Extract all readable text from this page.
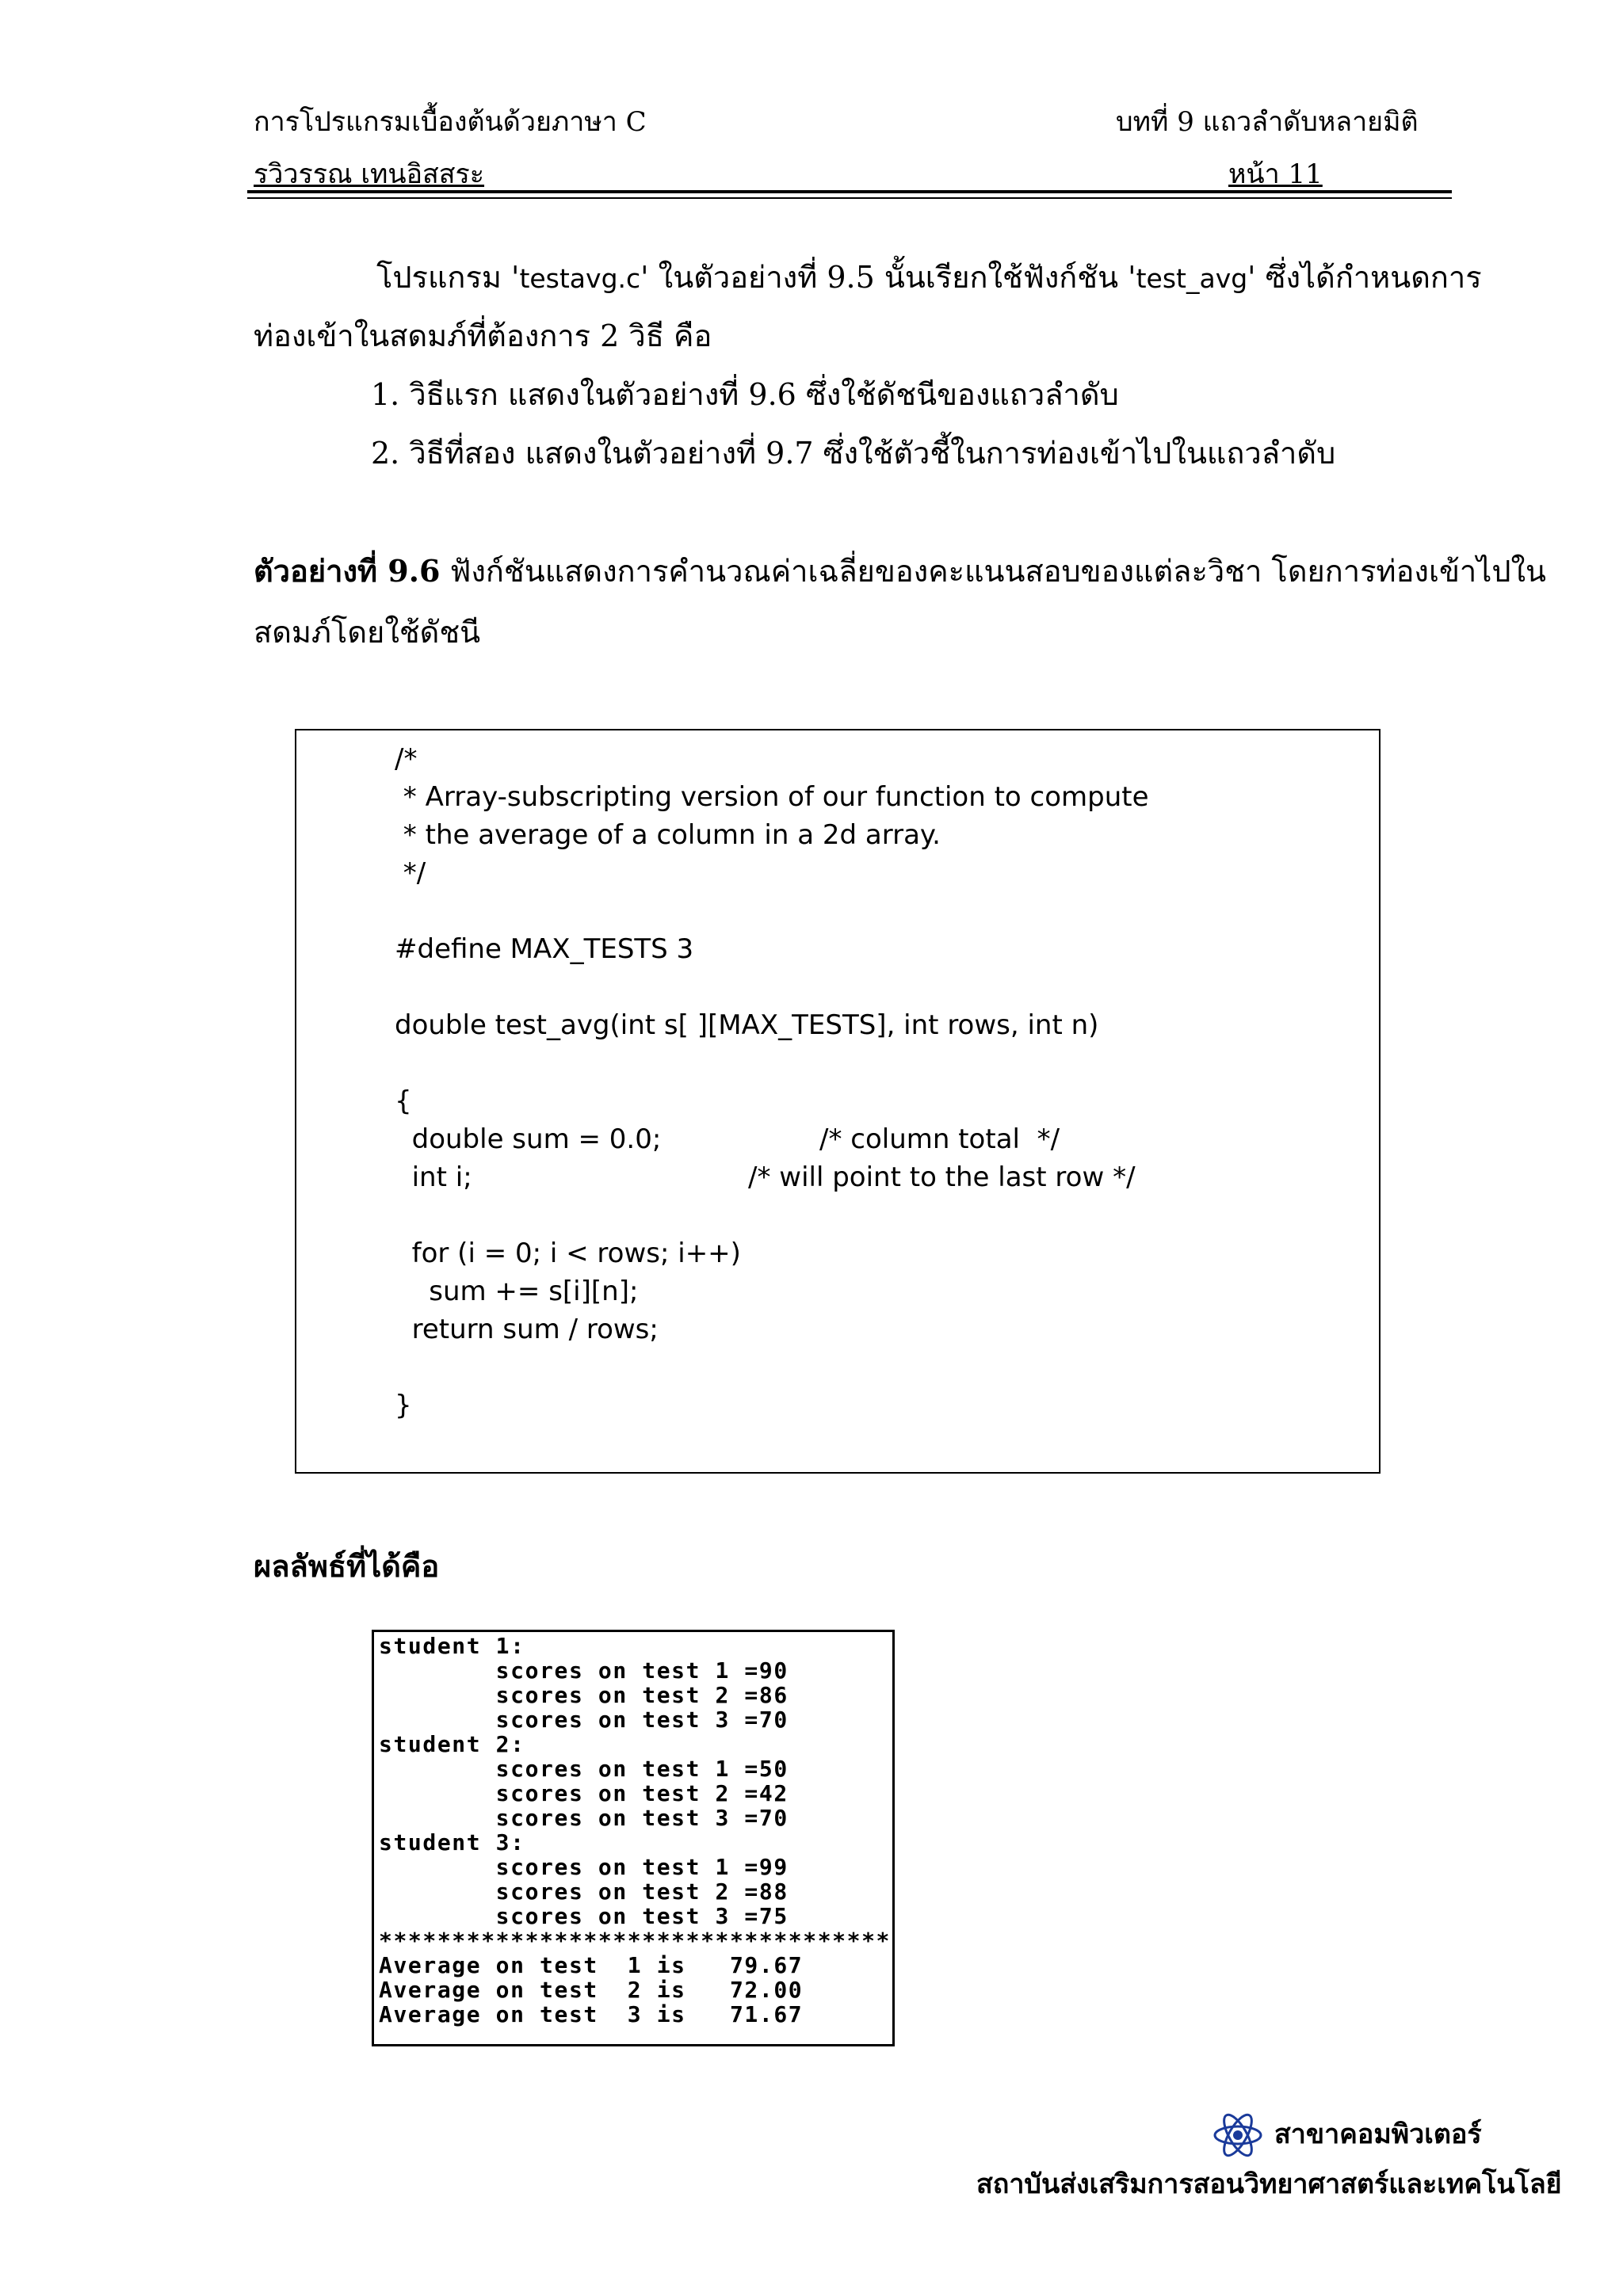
การโปรแกรมเบื้องต้นด้วยภาษา C	บทที่ 9 แถวลำดับหลายมิติ
รวิวรรณ เทนอิสสระ	หน้า 11
โปรแกรม 'testavg.c' ในตัวอย่างที่ 9.5 นั้นเรียกใช้ฟังก์ชัน 'test_avg' ซึ่งได้กำหนดการ
ท่องเข้าในสดมภ์ที่ต้องการ 2 วิธี คือ
1. วิธีแรก แสดงในตัวอย่างที่ 9.6 ซึ่งใช้ดัชนีของแถวลำดับ
2. วิธีที่สอง แสดงในตัวอย่างที่ 9.7 ซึ่งใช้ตัวชี้ในการท่องเข้าไปในแถวลำดับ
ตัวอย่างที่ 9.6 ฟังก์ชันแสดงการคำนวณค่าเฉลี่ยของคะแนนสอบของแต่ละวิชา โดยการท่องเข้าไปใน
สดมภ์โดยใช้ดัชนี
/*
* Array-subscripting version of our function to compute
* the average of a column in a 2d array.
*/
#define MAX_TESTS 3
double test_avg(int s[ ][MAX_TESTS], int rows, int n)
{
double sum = 0.0;	/* column total  */
int i;	/* will point to the last row */
for (i = 0; i < rows; i++)
sum += s[i][n];
return sum / rows;
}
ผลลัพธ์ที่ได้คือ
student 1:
scores on test 1 =90
scores on test 2 =86
scores on test 3 =70
student 2:
scores on test 1 =50
scores on test 2 =42
scores on test 3 =70
student 3:
scores on test 1 =99
scores on test 2 =88
scores on test 3 =75
***********************************
Average on test  1 is   79.67
Average on test  2 is   72.00
Average on test  3 is   71.67
สาขาคอมพิวเตอร์
สถาบันส่งเสริมการสอนวิทยาศาสตร์และเทคโนโลยี
